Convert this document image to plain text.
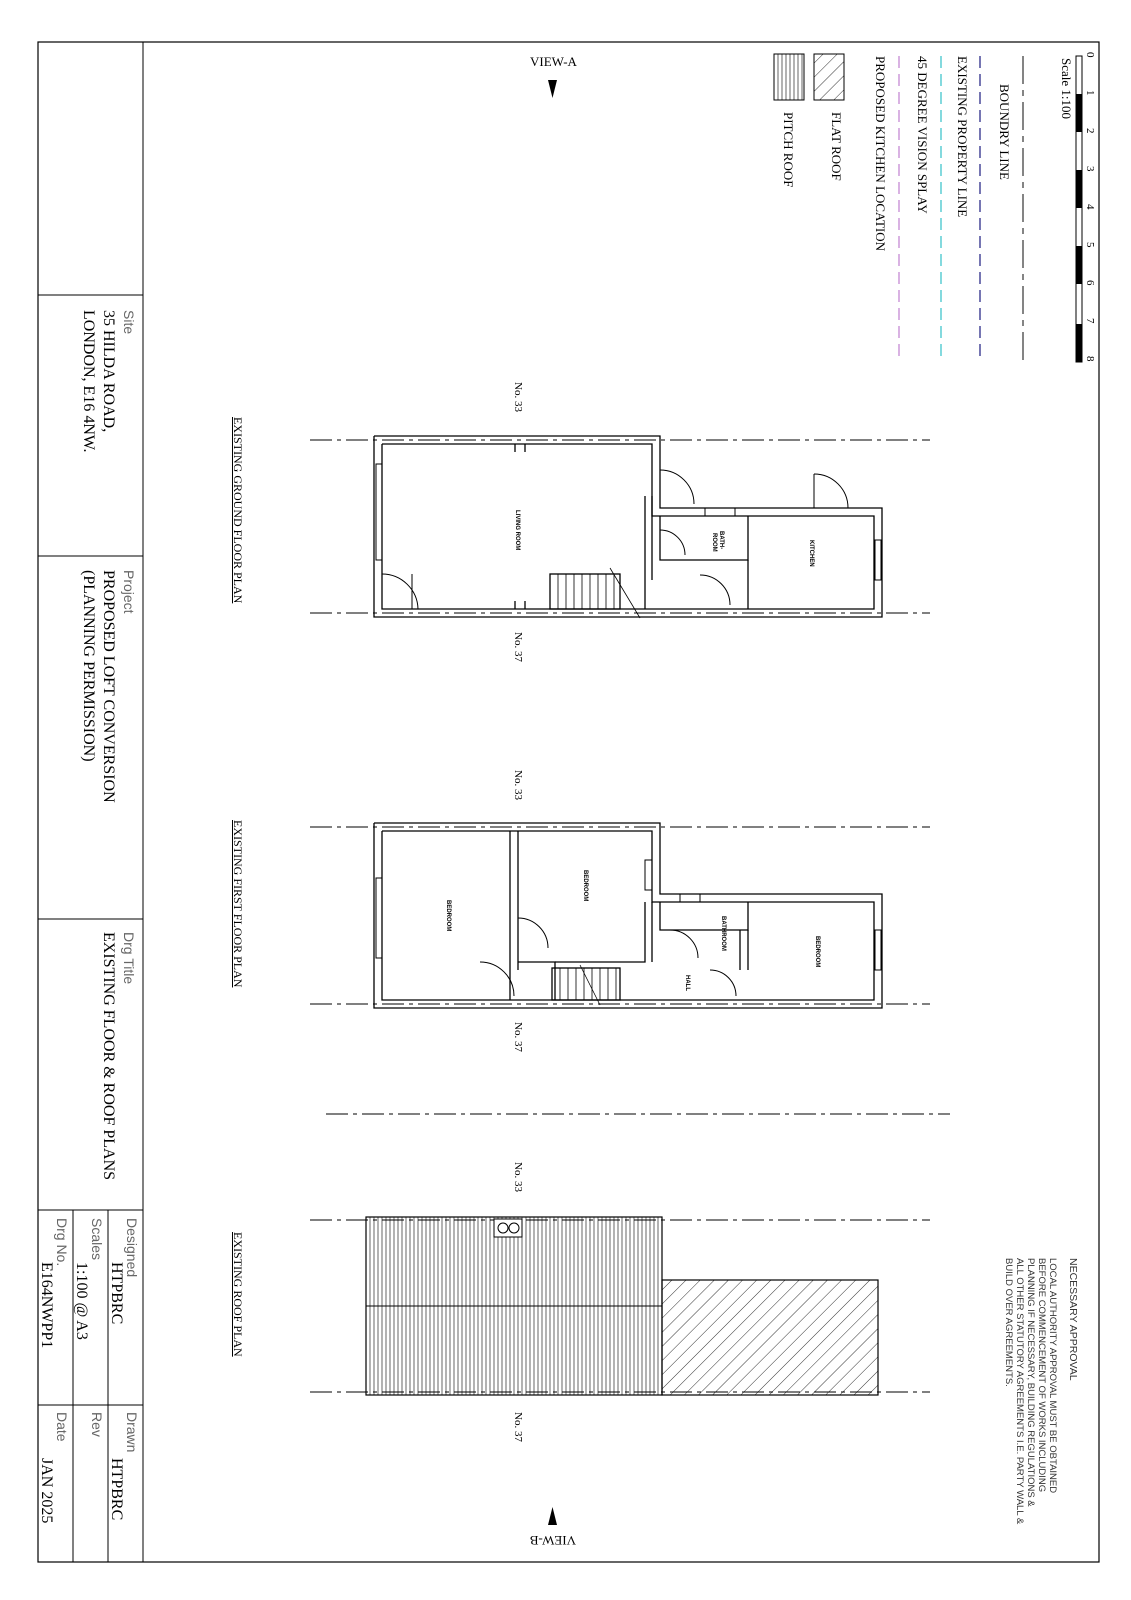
Scale 1:100
0
1
2
3
4
5
6
7
8
BOUNDRY LINE
EXISTING PROPERTY LINE
45 DEGREE VISION SPLAY
PROPOSED KITCHEN LOCATION
FLAT ROOF
PITCH ROOF
VIEW-A
VIEW-B
NECESSARY APPROVAL
LOCAL AUTHORITY APPROVAL MUST BE OBTAINED
BEFORE COMMENCEMENT OF WORKS INCLUDING
PLANNING IF NECESSARY, BUILDING REGULATIONS &
ALL OTHER STATUTORY AGREEMENTS I.E. PARTY WALL &
BUILD OVER AGREEMENTS.
EXISTING GROUND FLOOR PLAN
EXISTING FIRST FLOOR PLAN
EXISTING ROOF PLAN
No. 33
No. 37
No. 33
No. 37
No. 33
No. 37
LIVING ROOM	BATH-
ROOM	KITCHEN
BEDROOM
BEDROOM
BATHROOM
BEDROOM
HALL
Site
35 HILDA ROAD,
LONDON, E16 4NW.
Project
PROPOSED LOFT CONVERSION
(PLANNING PERMISSION)
Drg Title
EXISTING FLOOR & ROOF PLANS
Designed
HTPBRC
Drawn
HTPBRC
Scales
1:100 @ A3
Rev
Drg No.
E164NWPP1
Date
JAN 2025
